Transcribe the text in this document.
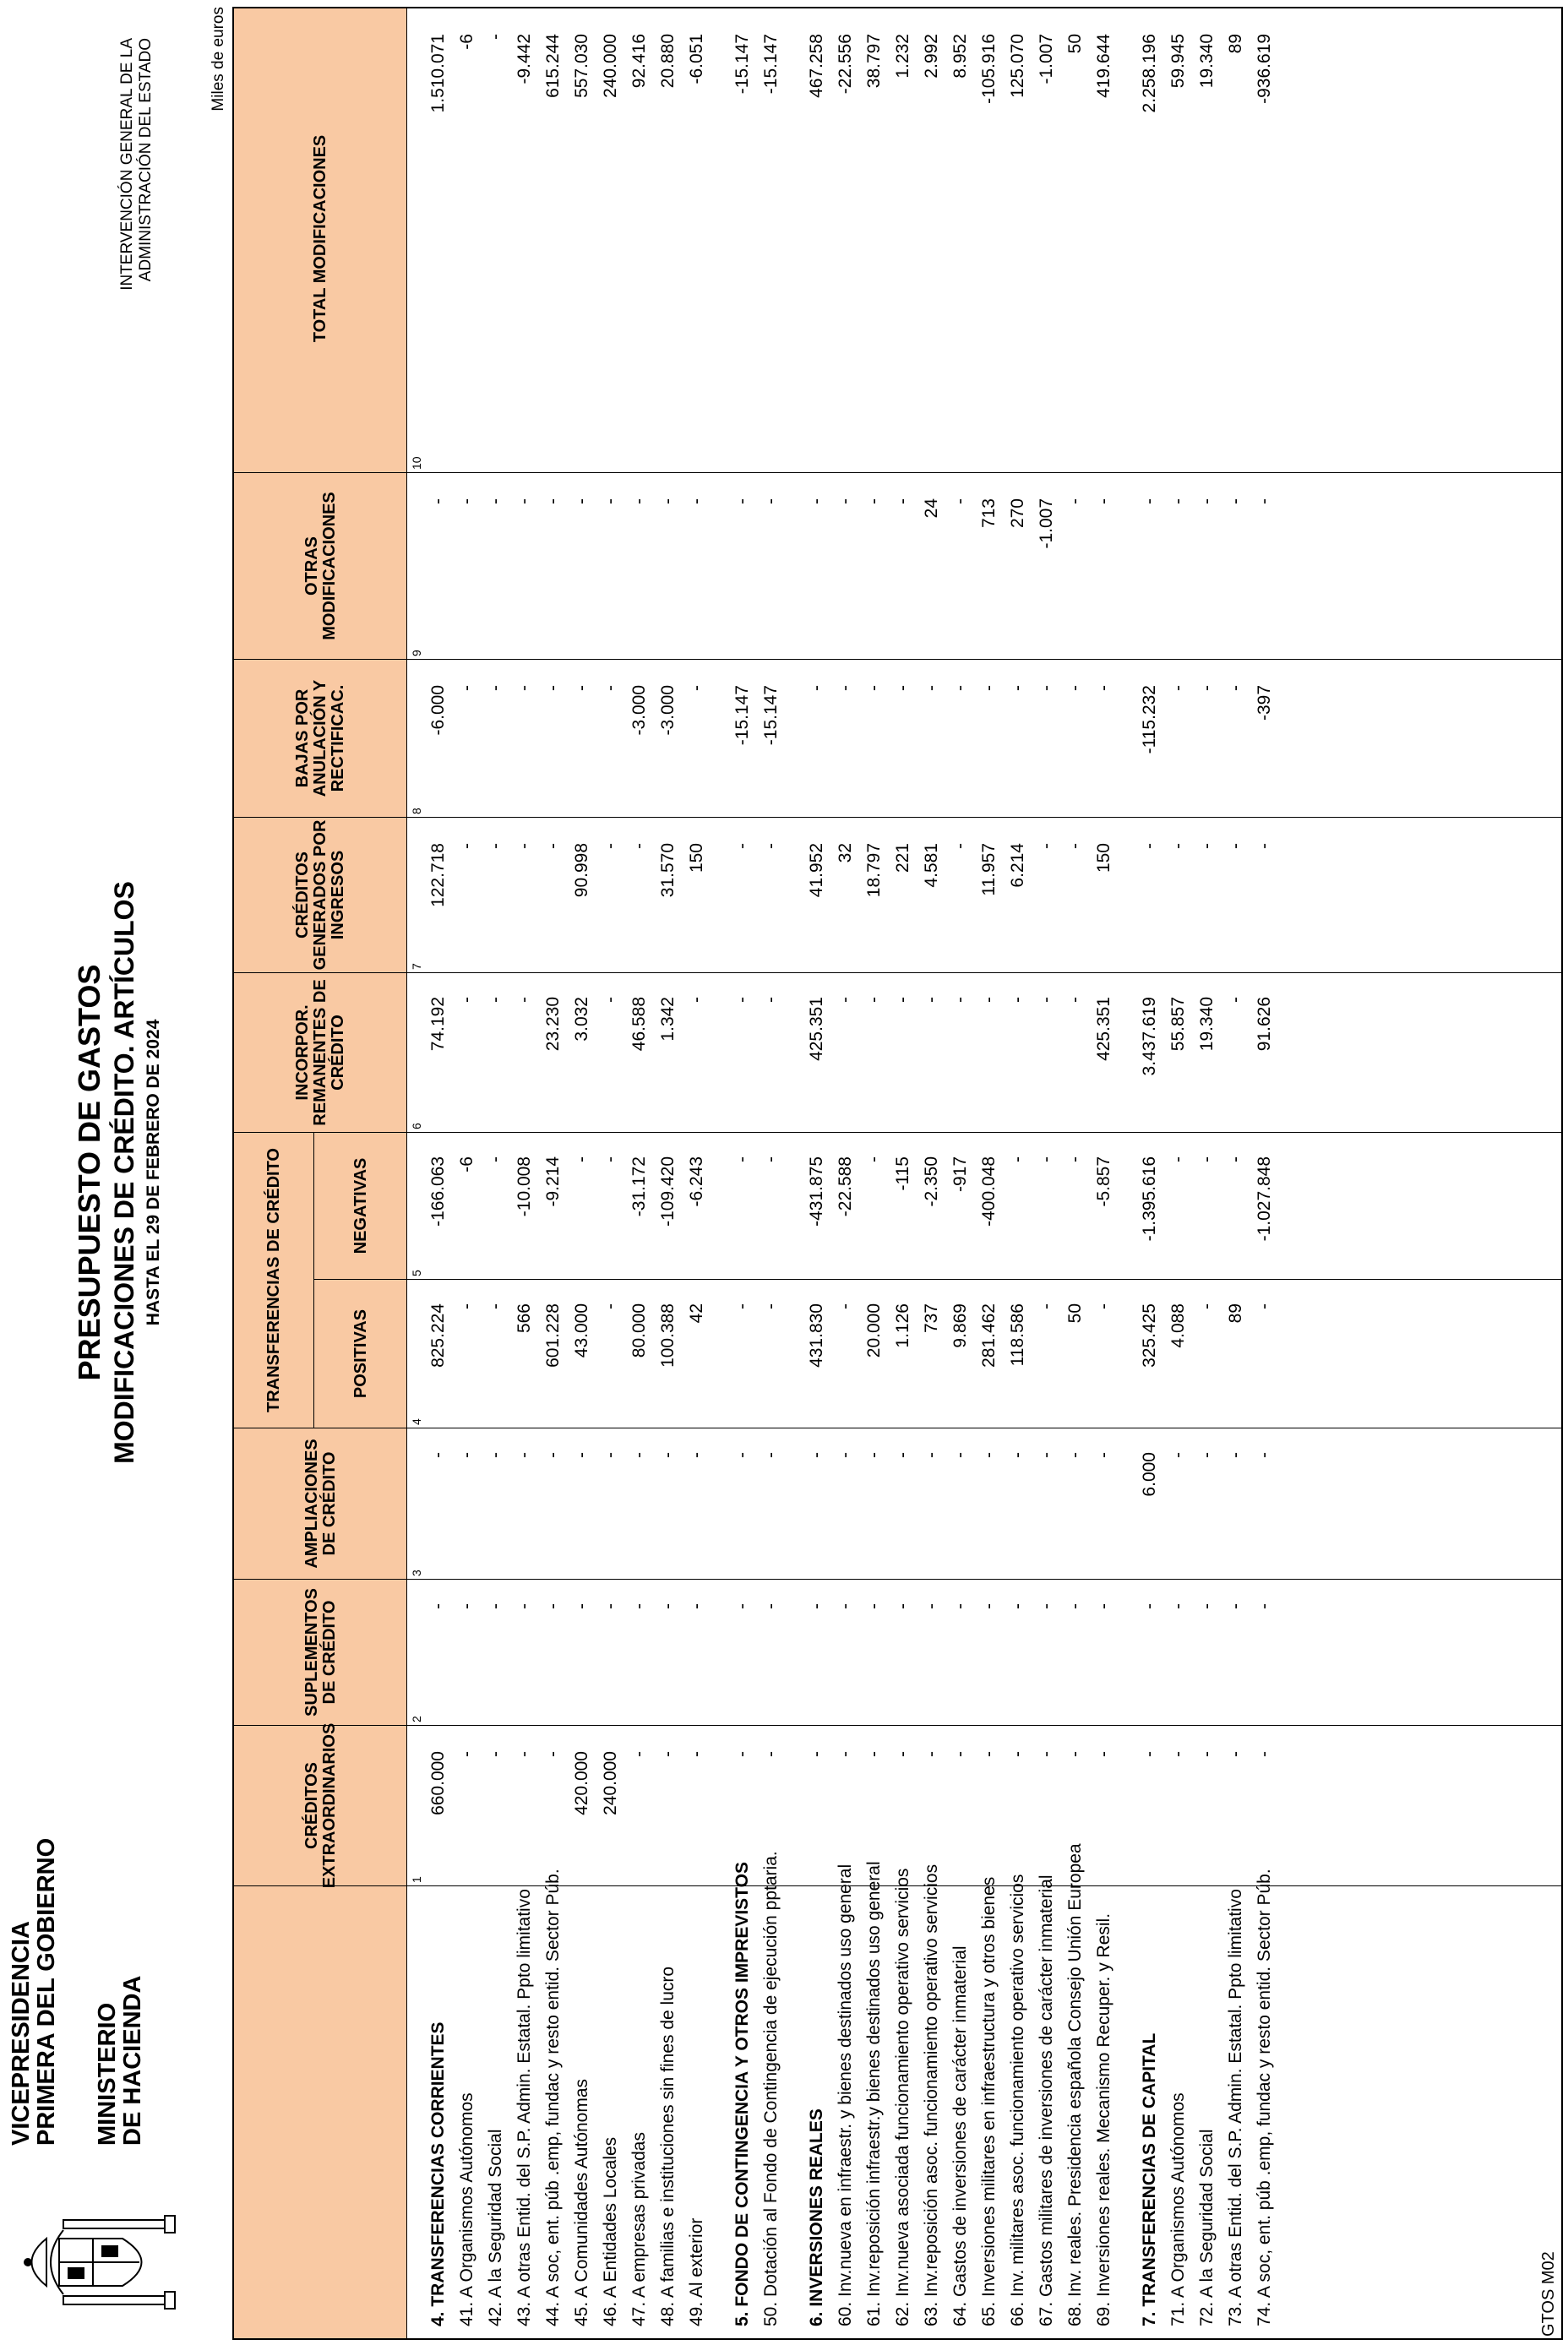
VICEPRESIDENCIA
PRIMERA DEL GOBIERNO MINISTERIO
DE HACIENDA
PRESUPUESTO DE GASTOS MODIFICACIONES DE CRÉDITO. ARTÍCULOS HASTA EL 29 DE FEBRERO DE 2024
INTERVENCIÓN GENERAL DE LA ADMINISTRACIÓN DEL ESTADO	Miles de euros
CRÉDITOS EXTRAORDINARIOS
SUPLEMENTOS DE CRÉDITO
AMPLIACIONES DE CRÉDITO
TRANSFERENCIAS DE CRÉDITO	POSITIVAS
NEGATIVAS
INCORPOR. REMANENTES DE CRÉDITO
CRÉDITOS GENERADOS POR INGRESOS
BAJAS POR ANULACIÓN Y RECTIFICAC.
OTRAS MODIFICACIONES
TOTAL MODIFICACIONES
1
2
3
4
5
6
7
8
9
10
4. TRANSFERENCIAS CORRIENTES
660.000
-
-
825.224
-166.063
74.192
122.718
-6.000
-
1.510.071
41. A Organismos Autónomos
-
-
-
-
-6
-
-
-
-
-6
42. A la Seguridad Social
-
-
-
-
-
-
-
-
-
-
43. A otras Entid. del S.P. Admin. Estatal. Ppto limitativo
-
-
-
566
-10.008
-
-
-
-
-9.442
44. A soc, ent. púb .emp, fundac y resto entid. Sector Púb.
-
-
-
601.228
-9.214
23.230
-
-
-
615.244
45. A Comunidades Autónomas
420.000
-
-
43.000
-
3.032
90.998
-
-
557.030
46. A Entidades Locales
240.000
-
-
-
-
-
-
-
-
240.000
47. A empresas privadas
-
-
-
80.000
-31.172
46.588
-
-3.000
-
92.416
48. A familias e instituciones sin fines de lucro
-
-
-
100.388
-109.420
1.342
31.570
-3.000
-
20.880
49. Al exterior
-
-
-
42
-6.243
-
150
-
-
-6.051
5. FONDO DE CONTINGENCIA Y OTROS IMPREVISTOS
-
-
-
-
-
-
-
-15.147
-
-15.147
50. Dotación al Fondo de Contingencia de ejecución pptaria.
-
-
-
-
-
-
-
-15.147
-
-15.147
6. INVERSIONES REALES
-
-
-
431.830
-431.875
425.351
41.952
-
-
467.258
60. Inv.nueva en infraestr. y bienes destinados uso general
-
-
-
-
-22.588
-
32
-
-
-22.556
61. Inv.reposición infraestr.y bienes destinados uso general
-
-
-
20.000
-
-
18.797
-
-
38.797
62. Inv.nueva asociada funcionamiento operativo servicios
-
-
-
1.126
-115
-
221
-
-
1.232
63. Inv.reposición asoc. funcionamiento operativo servicios
-
-
-
737
-2.350
-
4.581
-
24
2.992
64. Gastos de inversiones de carácter inmaterial
-
-
-
9.869
-917
-
-
-
-
8.952
65. Inversiones militares en infraestructura y otros bienes
-
-
-
281.462
-400.048
-
11.957
-
713
-105.916
66. Inv. militares asoc. funcionamiento operativo servicios
-
-
-
118.586
-
-
6.214
-
270
125.070
67. Gastos militares de inversiones de carácter inmaterial
-
-
-
-
-
-
-
-
-1.007
-1.007
68. Inv. reales. Presidencia española Consejo Unión Europea
-
-
-
50
-
-
-
-
-
50
69. Inversiones reales. Mecanismo Recuper. y Resil.
-
-
-
-
-5.857
425.351
150
-
-
419.644
7. TRANSFERENCIAS DE CAPITAL
-
-
6.000
325.425
-1.395.616
3.437.619
-
-115.232
-
2.258.196
71. A Organismos Autónomos
-
-
-
4.088
-
55.857
-
-
-
59.945
72. A la Seguridad Social
-
-
-
-
-
19.340
-
-
-
19.340
73. A otras Entid. del S.P. Admin. Estatal. Ppto limitativo
-
-
-
89
-
-
-
-
-
89
74. A soc, ent. púb .emp, fundac y resto entid. Sector Púb.
-
-
-
-
-1.027.848
91.626
-
-397
-
-936.619
GTOS M02
